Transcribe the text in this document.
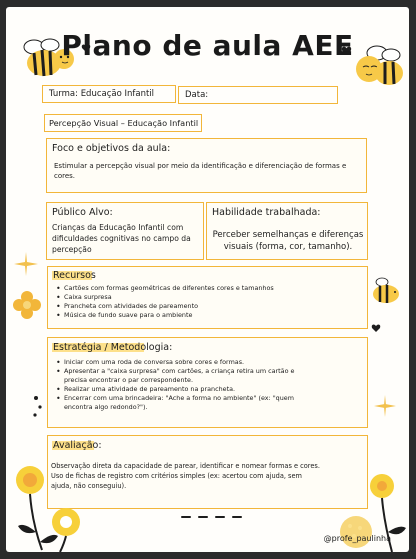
Plano de aula AEE
Turma: Educação Infantil	Data:
Percepção Visual – Educação Infantil
Foco e objetivos da aula:
Estimular a percepção visual por meio da identificação e diferenciação de formas e cores.
Público Alvo:
Crianças da Educação Infantil com dificuldades cognitivas no campo da percepção
Habilidade trabalhada:
Perceber semelhanças e diferenças visuais (forma, cor, tamanho).
Recursos
• Cartões com formas geométricas de diferentes cores e tamanhos
• Caixa surpresa
• Prancheta com atividades de pareamento
• Música de fundo suave para o ambiente
Estratégia / Metodologia:
• Iniciar com uma roda de conversa sobre cores e formas.
• Apresentar a "caixa surpresa" com cartões, a criança retira um cartão e precisa encontrar o par correspondente.
• Realizar uma atividade de pareamento na prancheta.
• Encerrar com uma brincadeira: "Ache a forma no ambiente" (ex: "quem encontra algo redondo?").
Avaliação:
Observação direta da capacidade de parear, identificar e nomear formas e cores. Uso de fichas de registro com critérios simples (ex: acertou com ajuda, sem ajuda, não conseguiu).
@profe_paulinha
